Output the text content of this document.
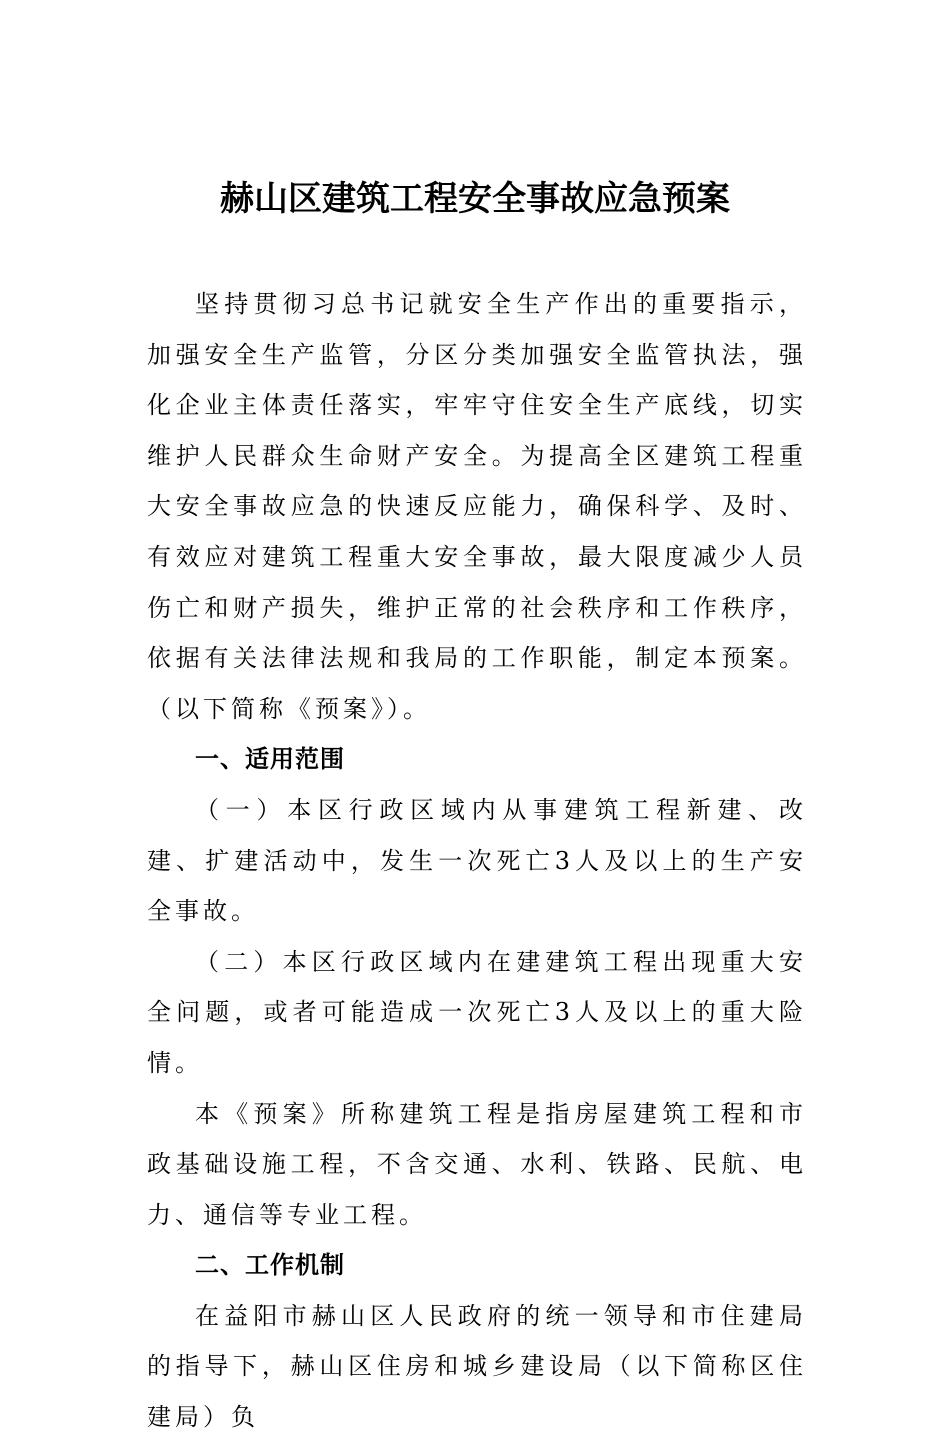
赫山区建筑工程安全事故应急预案

坚持贯彻习总书记就安全生产作出的重要指示，加强安全生产监管，分区分类加强安全监管执法，强化企业主体责任落实，牢牢守住安全生产底线，切实维护人民群众生命财产安全。为提高全区建筑工程重大安全事故应急的快速反应能力，确保科学、及时、有效应对建筑工程重大安全事故，最大限度减少人员伤亡和财产损失，维护正常的社会秩序和工作秩序，依据有关法律法规和我局的工作职能，制定本预案。（以下简称《预案》）。

一、适用范围

（一）本区行政区域内从事建筑工程新建、改建、扩建活动中，发生一次死亡3人及以上的生产安全事故。

（二）本区行政区域内在建建筑工程出现重大安全问题，或者可能造成一次死亡3人及以上的重大险情。

本《预案》所称建筑工程是指房屋建筑工程和市政基础设施工程，不含交通、水利、铁路、民航、电力、通信等专业工程。

二、工作机制

在益阳市赫山区人民政府的统一领导和市住建局的指导下，赫山区住房和城乡建设局（以下简称区住建局）负
